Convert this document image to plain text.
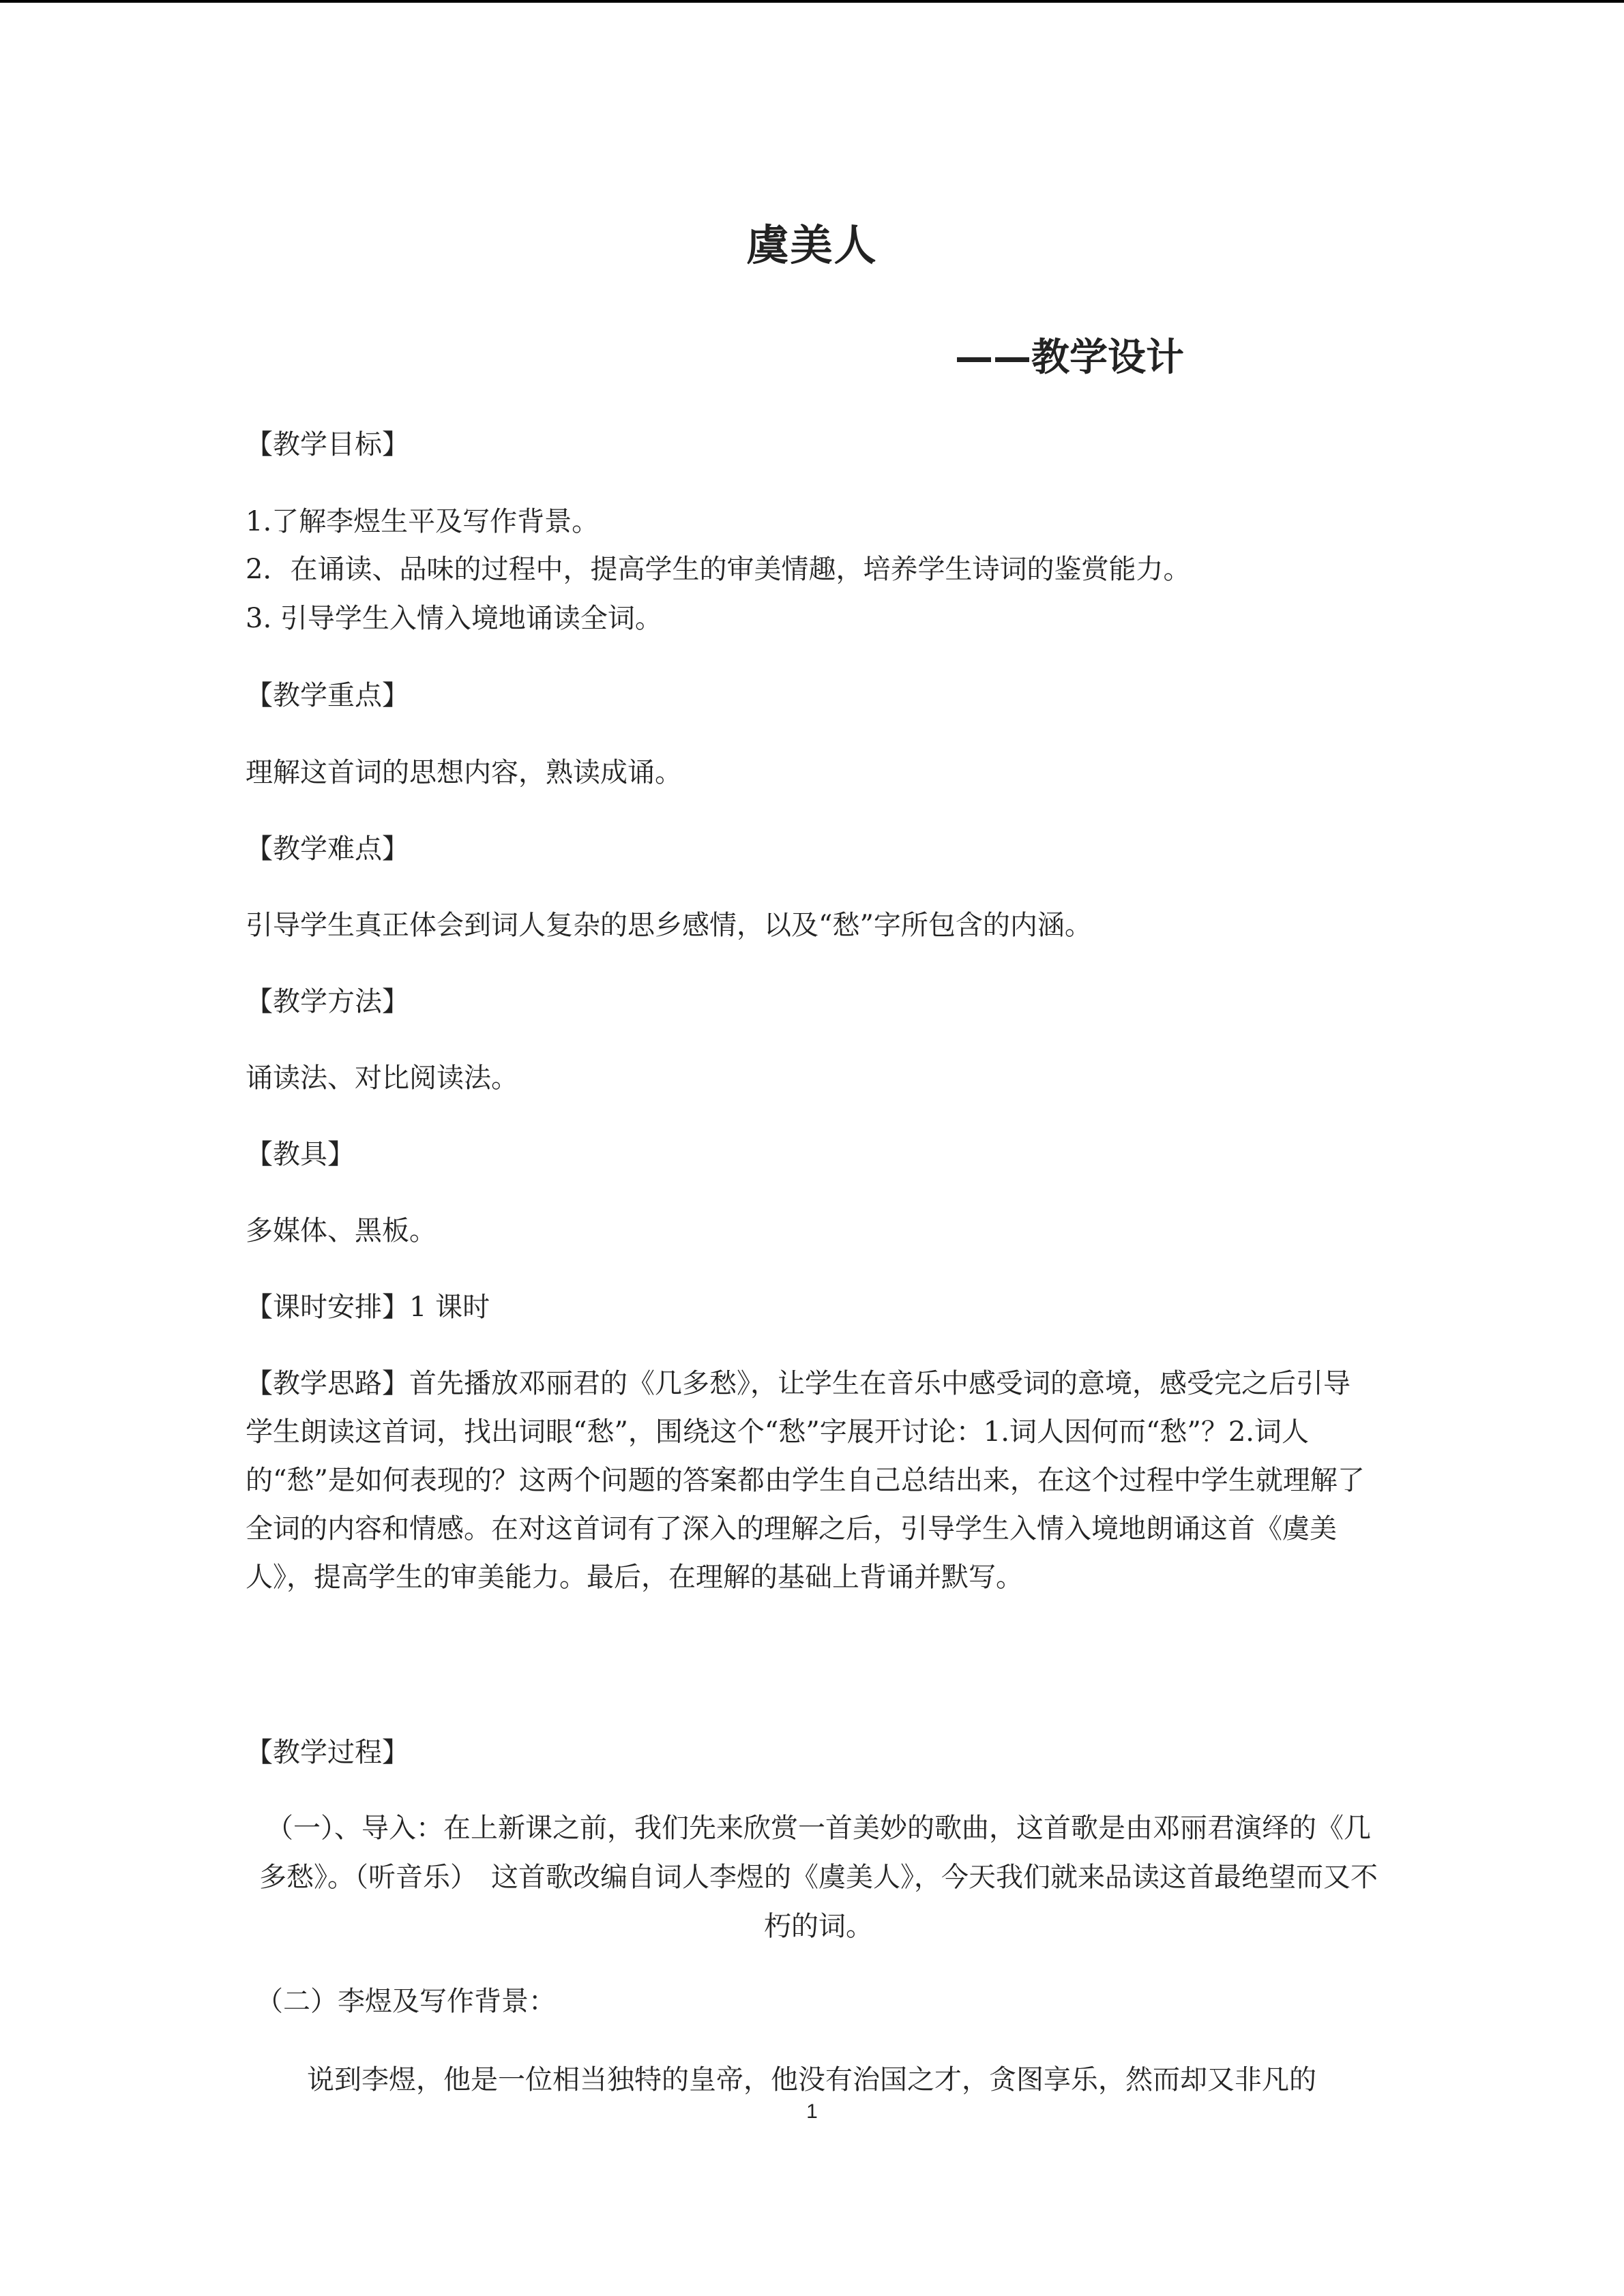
虞美人
——教学设计
【教学目标】
1.了解李煜生平及写作背景。
2．在诵读、品味的过程中，提高学生的审美情趣，培养学生诗词的鉴赏能力。
3. 引导学生入情入境地诵读全词。
【教学重点】
理解这首词的思想内容，熟读成诵。
【教学难点】
引导学生真正体会到词人复杂的思乡感情，以及“愁”字所包含的内涵。
【教学方法】
诵读法、对比阅读法。
【教具】
多媒体、黑板。
【课时安排】1 课时
【教学思路】首先播放邓丽君的《几多愁》，让学生在音乐中感受词的意境，感受完之后引导学生朗读这首词，找出词眼“愁”，围绕这个“愁”字展开讨论：1.词人因何而“愁”？2.词人的“愁”是如何表现的？这两个问题的答案都由学生自己总结出来，在这个过程中学生就理解了全词的内容和情感。在对这首词有了深入的理解之后，引导学生入情入境地朗诵这首《虞美人》，提高学生的审美能力。最后，在理解的基础上背诵并默写。
【教学过程】
（一）、导入：在上新课之前，我们先来欣赏一首美妙的歌曲，这首歌是由邓丽君演绎的《几多愁》。（听音乐）　这首歌改编自词人李煜的《虞美人》，今天我们就来品读这首最绝望而又不朽的词。
（二）李煜及写作背景：
　说到李煜，他是一位相当独特的皇帝，他没有治国之才，贪图享乐，然而却又非凡的
1
